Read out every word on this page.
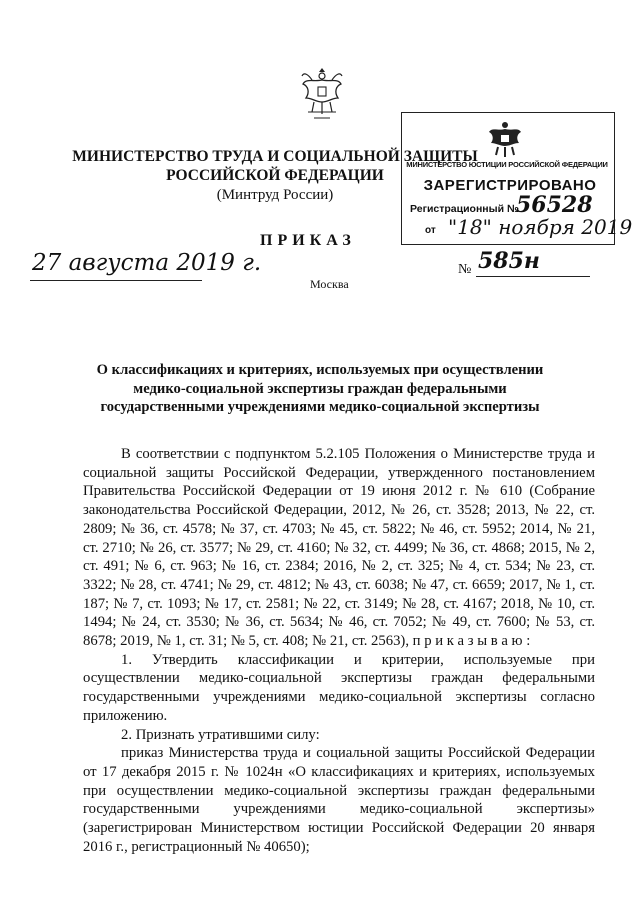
МИНИСТЕРСТВО ТРУДА И СОЦИАЛЬНОЙ ЗАЩИТЫ
РОССИЙСКОЙ ФЕДЕРАЦИИ
(Минтруд России)
МИНИСТЕРСТВО ЮСТИЦИИ РОССИЙСКОЙ ФЕДЕРАЦИИ
ЗАРЕГИСТРИРОВАНО
Регистрационный №
56528
от "18" ноября 2019
ПРИКАЗ
27 августа 2019 г.
Москва
№ 585н
О классификациях и критериях, используемых при осуществлении
медико-социальной экспертизы граждан федеральными
государственными учреждениями медико-социальной экспертизы

В соответствии с подпунктом 5.2.105 Положения о Министерстве труда и социальной защиты Российской Федерации, утвержденного постановлением Правительства Российской Федерации от 19 июня 2012 г. № 610 (Собрание законодательства Российской Федерации, 2012, № 26, ст. 3528; 2013, № 22, ст. 2809; № 36, ст. 4578; № 37, ст. 4703; № 45, ст. 5822; № 46, ст. 5952; 2014, № 21, ст. 2710; № 26, ст. 3577; № 29, ст. 4160; № 32, ст. 4499; № 36, ст. 4868; 2015, № 2, ст. 491; № 6, ст. 963; № 16, ст. 2384; 2016, № 2, ст. 325; № 4, ст. 534; № 23, ст. 3322; № 28, ст. 4741; № 29, ст. 4812; № 43, ст. 6038; № 47, ст. 6659; 2017, № 1, ст. 187; № 7, ст. 1093; № 17, ст. 2581; № 22, ст. 3149; № 28, ст. 4167; 2018, № 10, ст. 1494; № 24, ст. 3530; № 36, ст. 5634; № 46, ст. 7052; № 49, ст. 7600; № 53, ст. 8678; 2019, № 1, ст. 31; № 5, ст. 408; № 21, ст. 2563), п р и к а з ы в а ю :

1. Утвердить классификации и критерии, используемые при осуществлении медико-социальной экспертизы граждан федеральными государственными учреждениями медико-социальной экспертизы согласно приложению.

2. Признать утратившими силу:

приказ Министерства труда и социальной защиты Российской Федерации от 17 декабря 2015 г. № 1024н «О классификациях и критериях, используемых при осуществлении медико-социальной экспертизы граждан федеральными государственными учреждениями медико-социальной экспертизы» (зарегистрирован Министерством юстиции Российской Федерации 20 января 2016 г., регистрационный № 40650);
